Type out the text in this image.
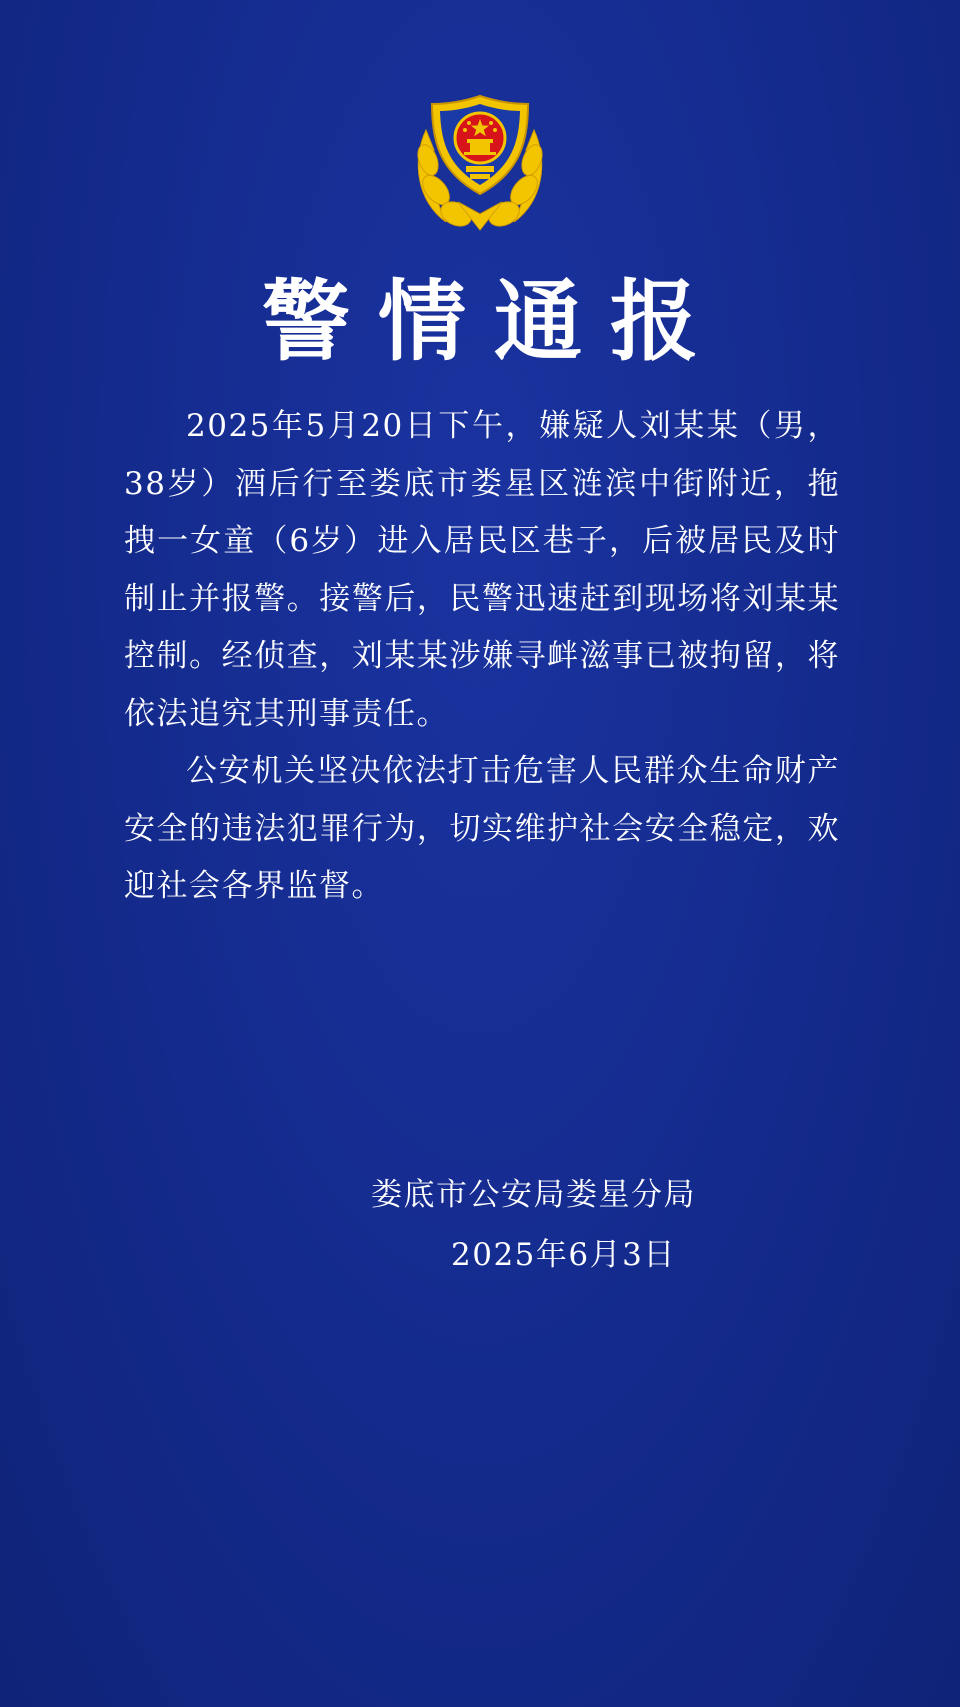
警情通报

2025年5月20日下午，嫌疑人刘某某（男，38岁）酒后行至娄底市娄星区涟滨中街附近，拖拽一女童（6岁）进入居民区巷子，后被居民及时制止并报警。接警后，民警迅速赶到现场将刘某某控制。经侦查，刘某某涉嫌寻衅滋事已被拘留，将依法追究其刑事责任。

公安机关坚决依法打击危害人民群众生命财产安全的违法犯罪行为，切实维护社会安全稳定，欢迎社会各界监督。

娄底市公安局娄星分局
2025年6月3日
